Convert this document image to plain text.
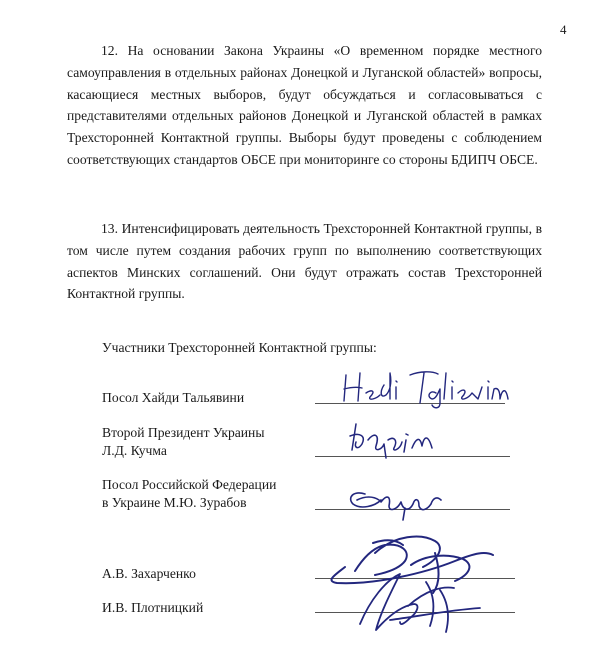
4

12. На основании Закона Украины «О временном порядке местного самоуправления в отдельных районах Донецкой и Луганской областей» вопросы, касающиеся местных выборов, будут обсуждаться и согласовываться с представителями отдельных районов Донецкой и Луганской областей в рамках Трехсторонней Контактной группы. Выборы будут проведены с соблюдением соответствующих стандартов ОБСЕ при мониторинге со стороны БДИПЧ ОБСЕ.

13. Интенсифицировать деятельность Трехсторонней Контактной группы, в том числе путем создания рабочих групп по выполнению соответствующих аспектов Минских соглашений. Они будут отражать состав Трехсторонней Контактной группы.

Участники Трехсторонней Контактной группы:
Посол Хайди Тальявини
Второй Президент Украины
Л.Д. Кучма
Посол Российской Федерации
в Украине М.Ю. Зурабов
А.В. Захарченко
И.В. Плотницкий
